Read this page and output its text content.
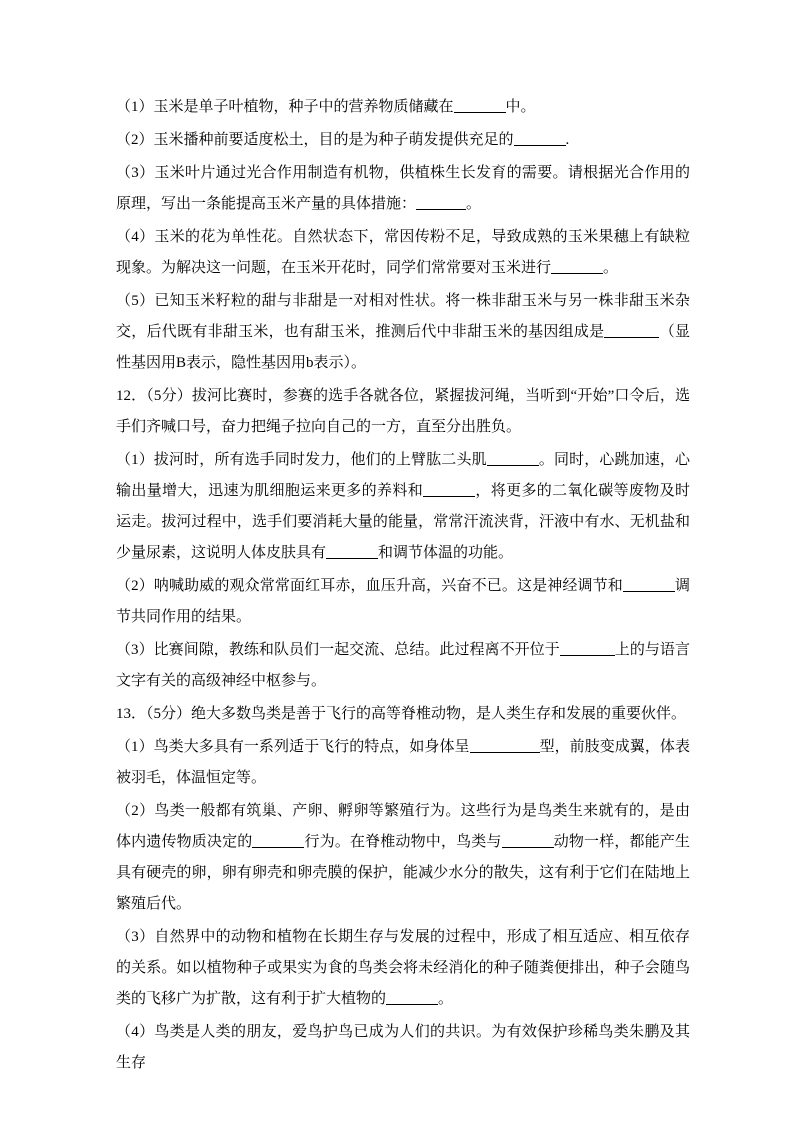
（1）玉米是单子叶植物，种子中的营养物质储藏在	中。

（2）玉米播种前要适度松土，目的是为种子萌发提供充足的	.

（3）玉米叶片通过光合作用制造有机物，供植株生长发育的需要。请根据光合作用的原理，写出一条能提高玉米产量的具体措施：	。

（4）玉米的花为单性花。自然状态下，常因传粉不足，导致成熟的玉米果穗上有缺粒现象。为解决这一问题，在玉米开花时，同学们常常要对玉米进行	。

（5）已知玉米籽粒的甜与非甜是一对相对性状。将一株非甜玉米与另一株非甜玉米杂交，后代既有非甜玉米，也有甜玉米，推测后代中非甜玉米的基因组成是	（显性基因用B表示，隐性基因用b表示）。

12．（5分）拔河比赛时，参赛的选手各就各位，紧握拔河绳，当听到“开始”口令后，选手们齐喊口号，奋力把绳子拉向自己的一方，直至分出胜负。

（1）拔河时，所有选手同时发力，他们的上臂肱二头肌	。同时，心跳加速，心输出量增大，迅速为肌细胞运来更多的养料和	，将更多的二氧化碳等废物及时运走。拔河过程中，选手们要消耗大量的能量，常常汗流浃背，汗液中有水、无机盐和少量尿素，这说明人体皮肤具有	和调节体温的功能。

（2）呐喊助威的观众常常面红耳赤，血压升高，兴奋不已。这是神经调节和	调节共同作用的结果。

（3）比赛间隙，教练和队员们一起交流、总结。此过程离不开位于	上的与语言文字有关的高级神经中枢参与。

13．（5分）绝大多数鸟类是善于飞行的高等脊椎动物，是人类生存和发展的重要伙伴。

（1）鸟类大多具有一系列适于飞行的特点，如身体呈	型，前肢变成翼，体表被羽毛，体温恒定等。

（2）鸟类一般都有筑巢、产卵、孵卵等繁殖行为。这些行为是鸟类生来就有的，是由体内遗传物质决定的	行为。在脊椎动物中，鸟类与	动物一样，都能产生具有硬壳的卵，卵有卵壳和卵壳膜的保护，能减少水分的散失，这有利于它们在陆地上繁殖后代。

（3）自然界中的动物和植物在长期生存与发展的过程中，形成了相互适应、相互依存的关系。如以植物种子或果实为食的鸟类会将未经消化的种子随粪便排出，种子会随鸟类的飞移广为扩散，这有利于扩大植物的	。

（4）鸟类是人类的朋友，爱鸟护鸟已成为人们的共识。为有效保护珍稀鸟类朱鹏及其生存
